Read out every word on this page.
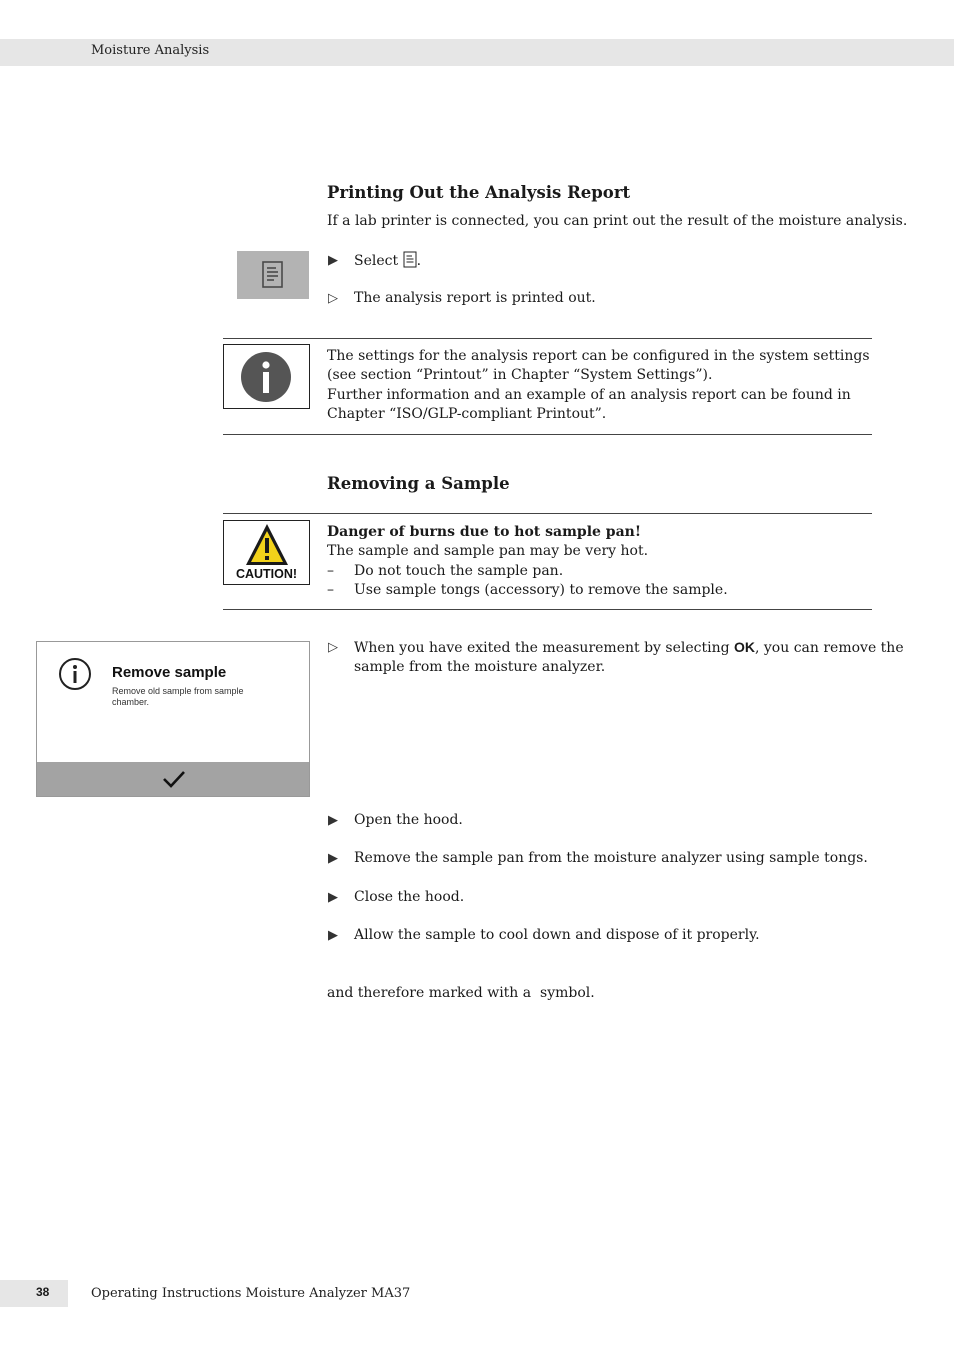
Moisture Analysis
Printing Out the Analysis Report
If a lab printer is connected, you can print out the result of the moisture analysis.
▶	Select .
▷	The analysis report is printed out.
The settings for the analysis report can be configured in the system settings
(see section “Printout” in Chapter “System Settings”).
Further information and an example of an analysis report can be found in
Chapter “ISO/GLP-compliant Printout”.
Removing a Sample
CAUTION!
Danger of burns due to hot sample pan!
The sample and sample pan may be very hot.
– Do not touch the sample pan.
– Use sample tongs (accessory) to remove the sample.
Remove sample
Remove old sample from sample
chamber.
▷	When you have exited the measurement by selecting OK, you can remove the
sample from the moisture analyzer.
▶	Open the hood.
▶	Remove the sample pan from the moisture analyzer using sample tongs.
▶	Close the hood.
▶	Allow the sample to cool down and dispose of it properly.
and therefore marked with a  symbol.
38	Operating Instructions Moisture Analyzer MA37
